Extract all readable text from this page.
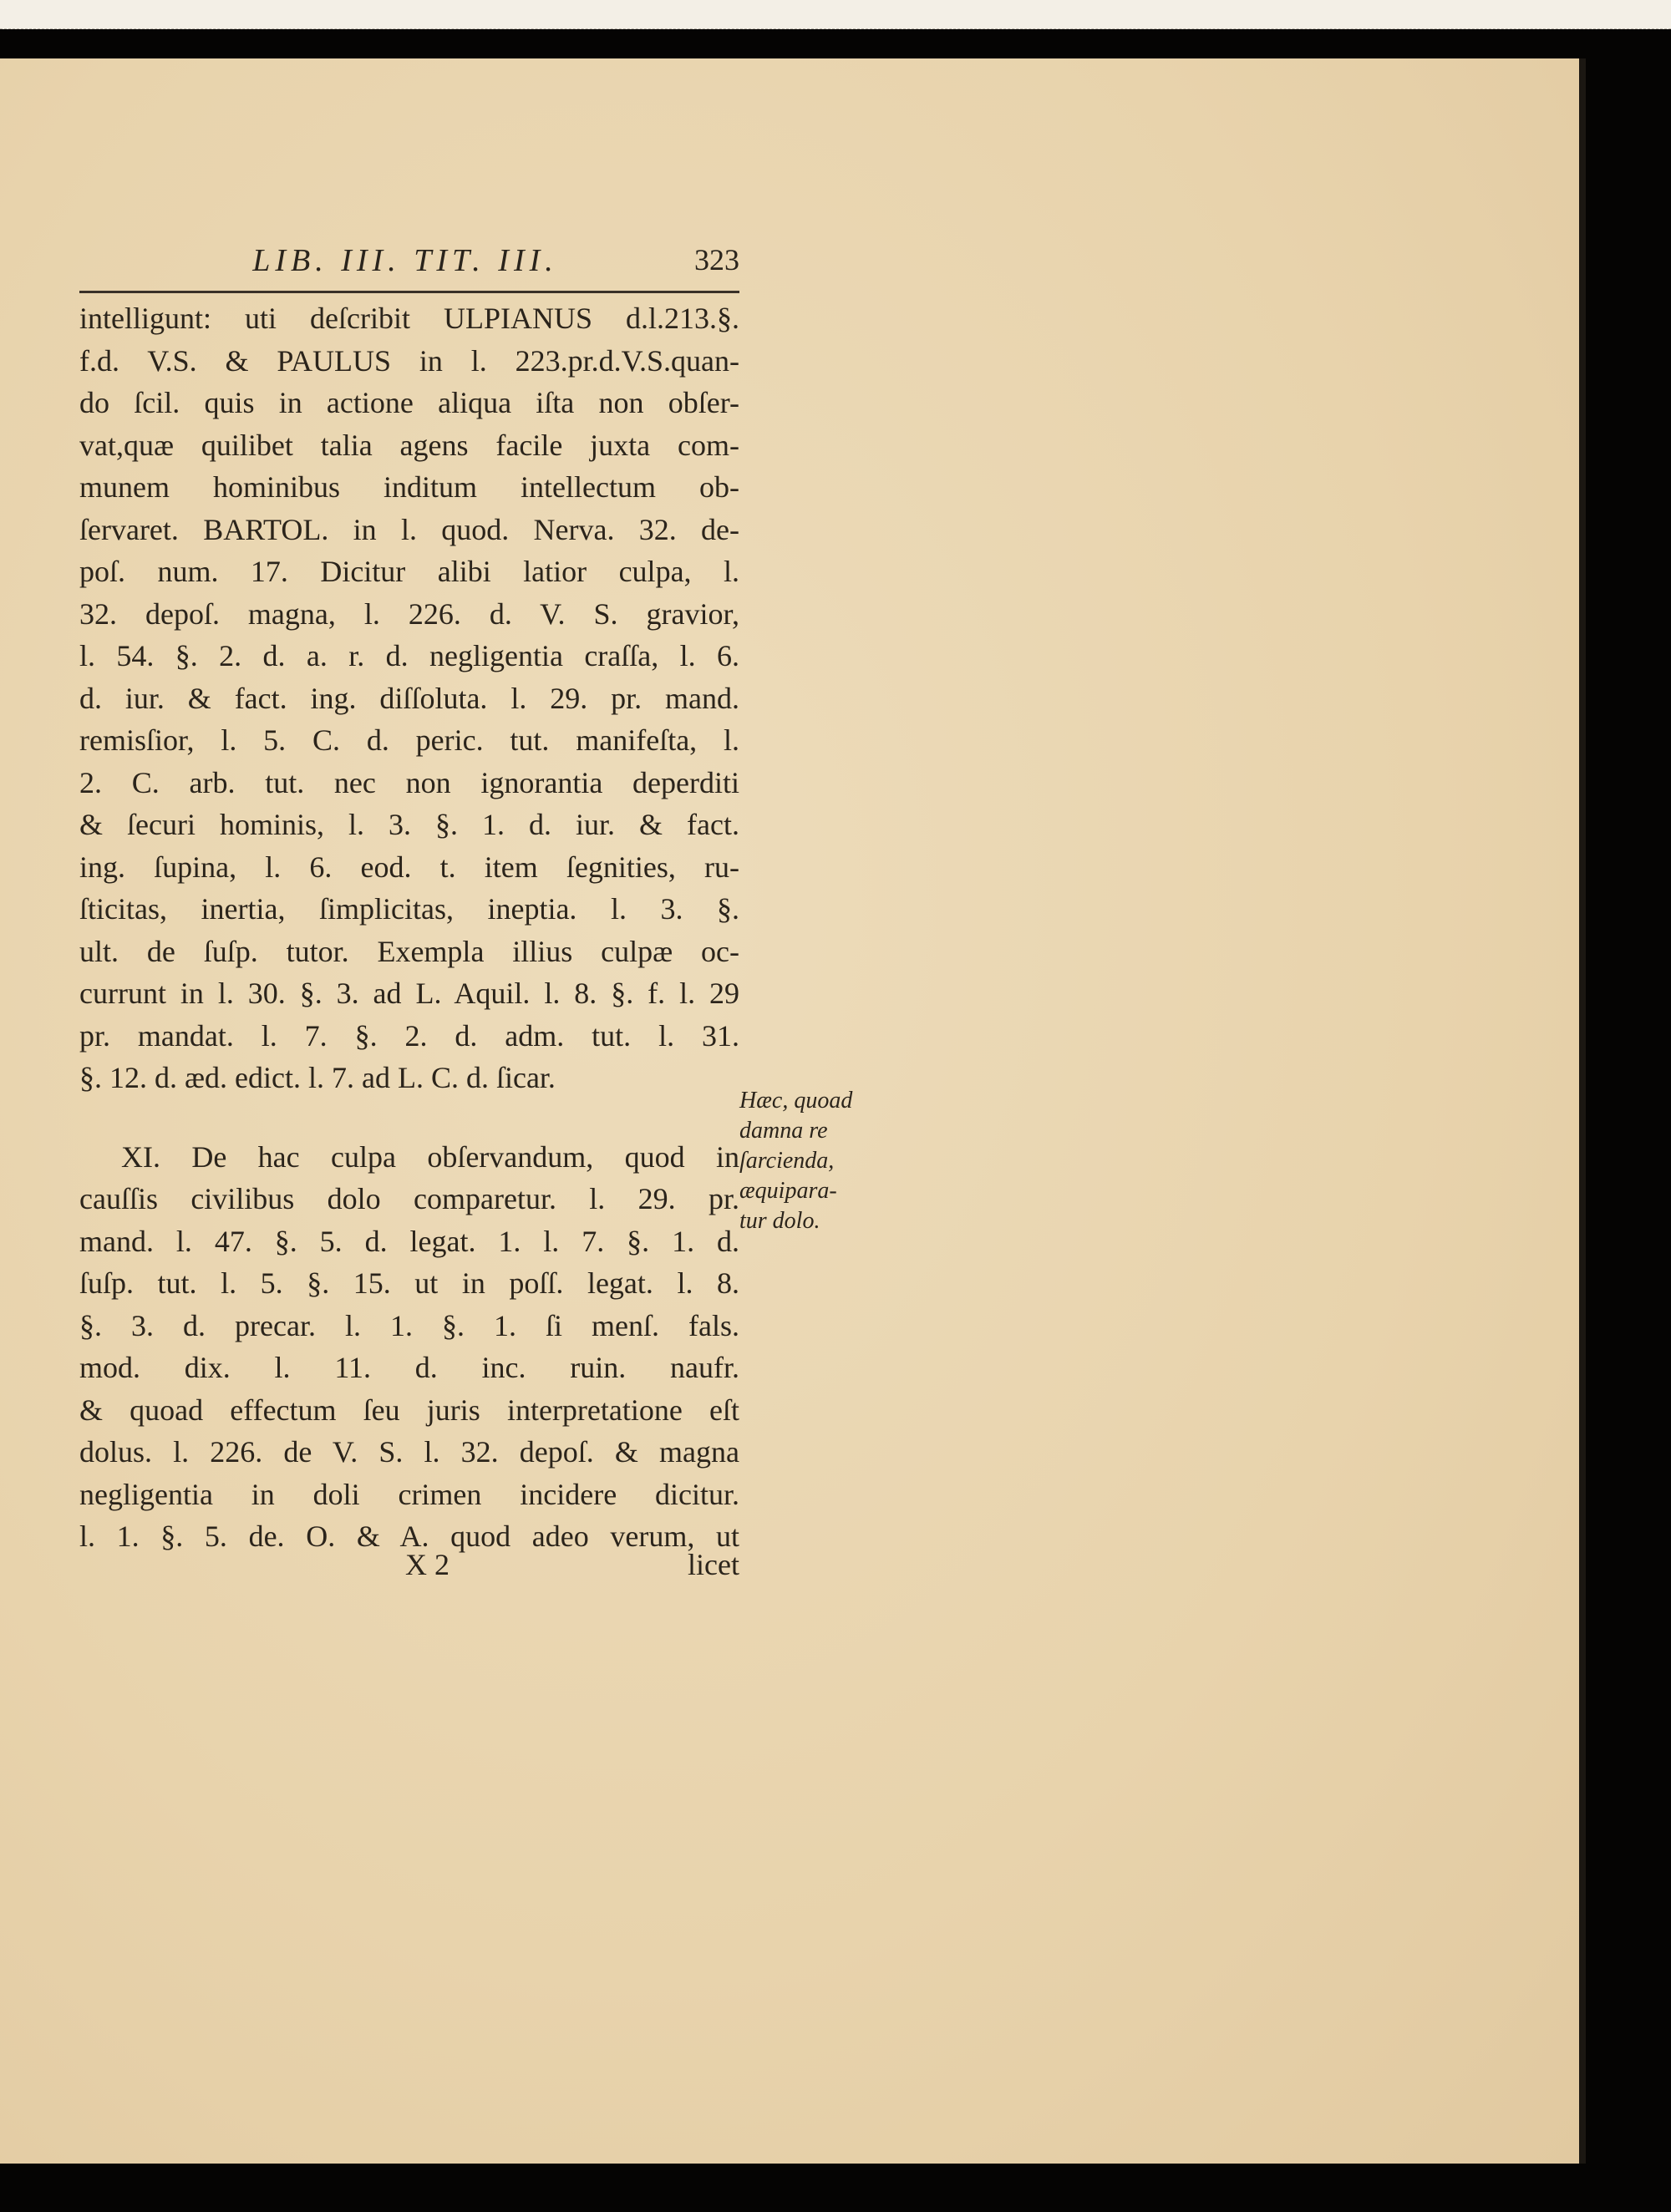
LIB. III. TIT. III.	323
intelligunt: uti deſcribit ULPIANUS d.l.213.§.
f.d. V.S. & PAULUS in l. 223.pr.d.V.S.quan-
do ſcil. quis in actione aliqua iſta non obſer-
vat,quæ quilibet talia agens facile juxta com-
munem hominibus inditum intellectum ob-
ſervaret. BARTOL. in l. quod. Nerva. 32. de-
poſ. num. 17. Dicitur alibi latior culpa, l.
32. depoſ. magna, l. 226. d. V. S. gravior,
l. 54. §. 2. d. a. r. d. negligentia craſſa, l. 6.
d. iur. & fact. ing. diſſoluta. l. 29. pr. mand.
remisſior, l. 5. C. d. peric. tut. manifeſta, l.
2. C. arb. tut. nec non ignorantia deperditi
& ſecuri hominis, l. 3. §. 1. d. iur. & fact.
ing. ſupina, l. 6. eod. t. item ſegnities, ru-
ſticitas, inertia, ſimplicitas, ineptia. l. 3. §.
ult. de ſuſp. tutor. Exempla illius culpæ oc-
currunt in l. 30. §. 3. ad L. Aquil. l. 8. §. f. l. 29
pr. mandat. l. 7. §. 2. d. adm. tut. l. 31.
§. 12. d. æd. edict. l. 7. ad L. C. d. ſicar.
XI. De hac culpa obſervandum, quod in
cauſſis civilibus dolo comparetur. l. 29. pr.
mand. l. 47. §. 5. d. legat. 1. l. 7. §. 1. d.
ſuſp. tut. l. 5. §. 15. ut in poſſ. legat. l. 8.
§. 3. d. precar. l. 1. §. 1. ſi menſ. fals.
mod. dix. l. 11. d. inc. ruin. naufr.
& quoad effectum ſeu juris interpretatione eſt
dolus. l. 226. de V. S. l. 32. depoſ. & magna
negligentia in doli crimen incidere dicitur.
l. 1. §. 5. de. O. & A. quod adeo verum, ut
Hæc, quoad
damna re
ſarcienda,
æquipara-
tur dolo.
X 2	licet
